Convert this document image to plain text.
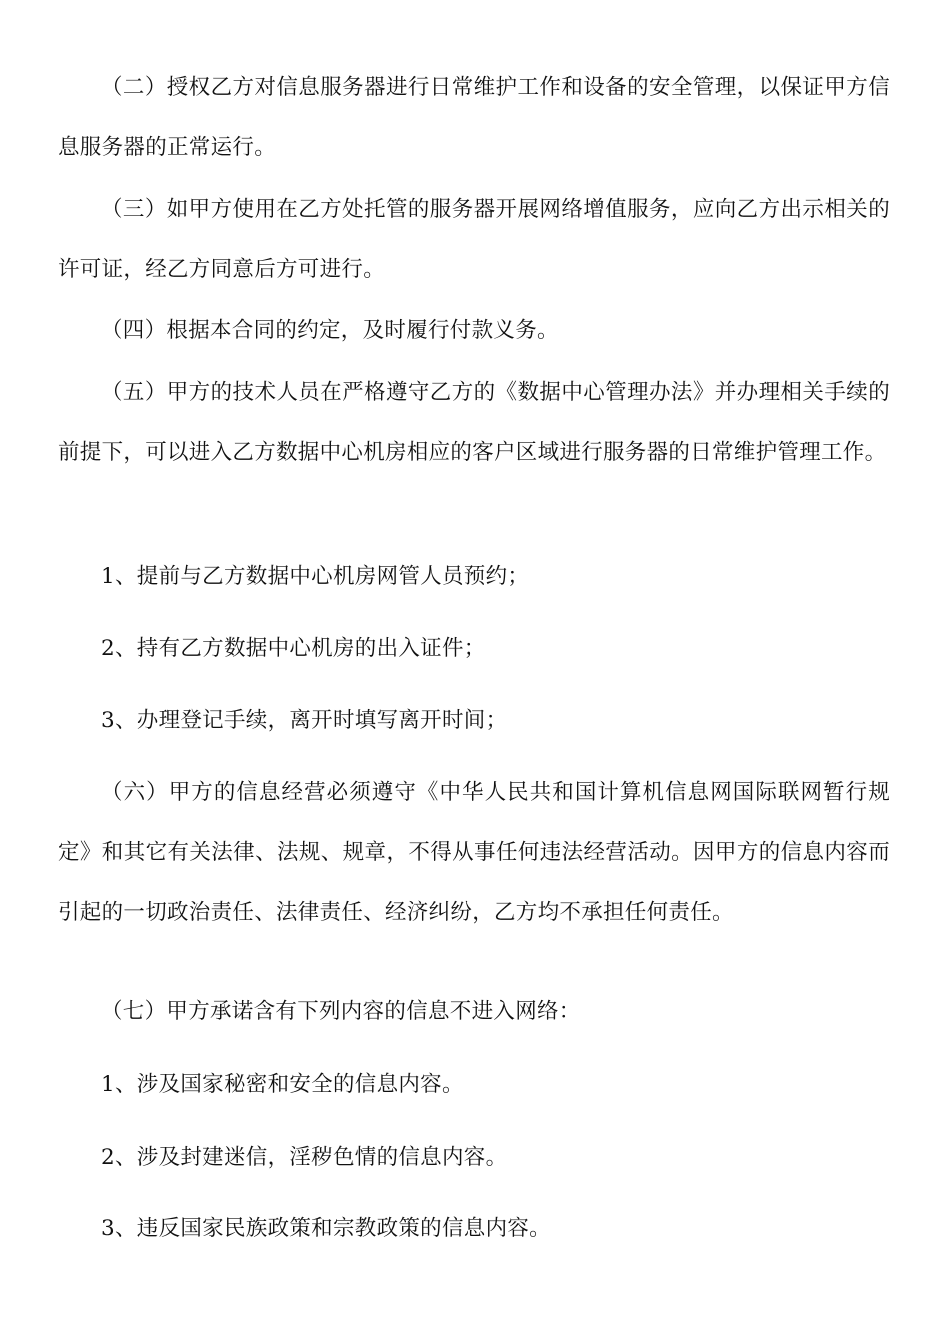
（二）授权乙方对信息服务器进行日常维护工作和设备的安全管理，以保证甲方信息服务器的正常运行。

（三）如甲方使用在乙方处托管的服务器开展网络增值服务，应向乙方出示相关的许可证，经乙方同意后方可进行。

（四）根据本合同的约定，及时履行付款义务。

（五）甲方的技术人员在严格遵守乙方的《数据中心管理办法》并办理相关手续的前提下，可以进入乙方数据中心机房相应的客户区域进行服务器的日常维护管理工作。

1、提前与乙方数据中心机房网管人员预约；

2、持有乙方数据中心机房的出入证件；

3、办理登记手续，离开时填写离开时间；

（六）甲方的信息经营必须遵守《中华人民共和国计算机信息网国际联网暂行规定》和其它有关法律、法规、规章，不得从事任何违法经营活动。因甲方的信息内容而引起的一切政治责任、法律责任、经济纠纷，乙方均不承担任何责任。

（七）甲方承诺含有下列内容的信息不进入网络：

1、涉及国家秘密和安全的信息内容。

2、涉及封建迷信，淫秽色情的信息内容。

3、违反国家民族政策和宗教政策的信息内容。
